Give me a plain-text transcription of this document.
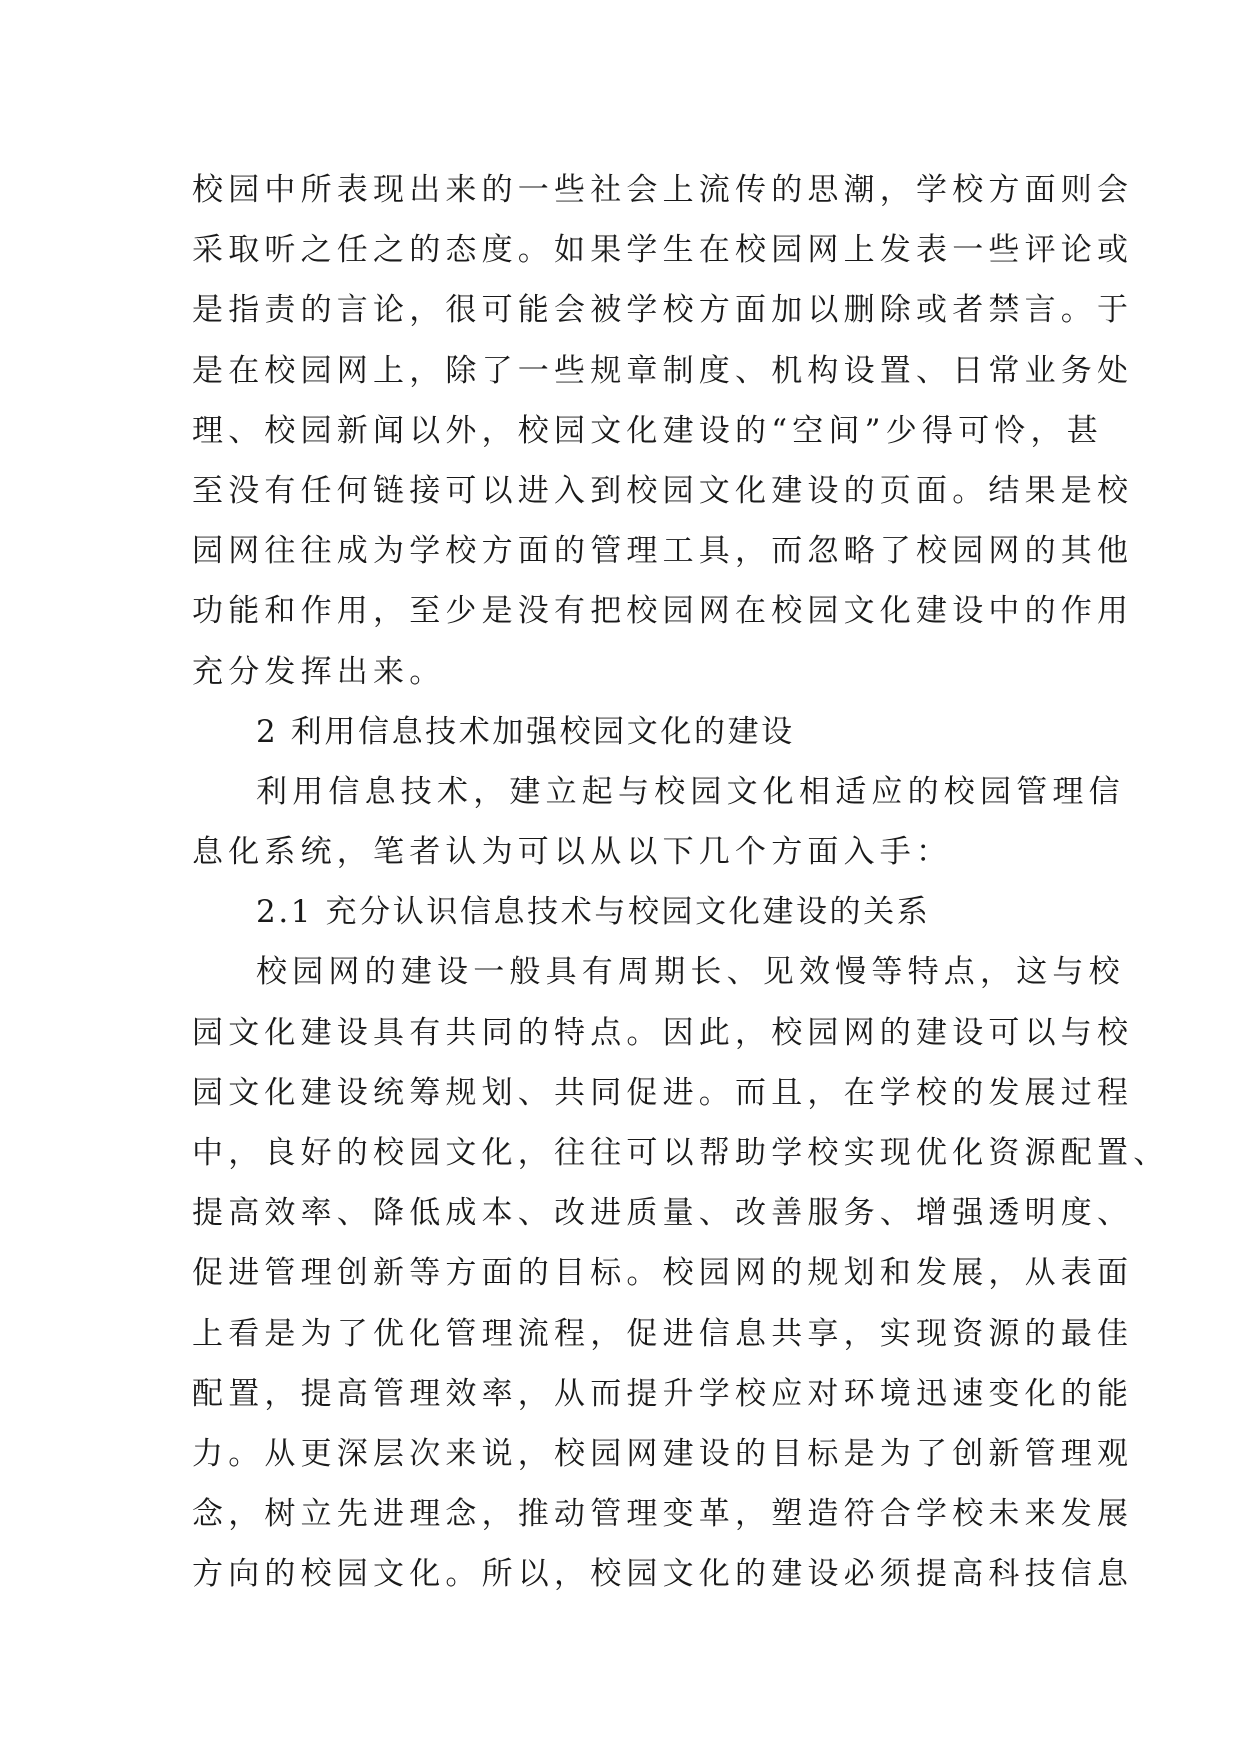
校园中所表现出来的一些社会上流传的思潮，学校方面则会
采取听之任之的态度。如果学生在校园网上发表一些评论或
是指责的言论，很可能会被学校方面加以删除或者禁言。于
是在校园网上，除了一些规章制度、机构设置、日常业务处
理、校园新闻以外，校园文化建设的“空间”少得可怜，甚
至没有任何链接可以进入到校园文化建设的页面。结果是校
园网往往成为学校方面的管理工具，而忽略了校园网的其他
功能和作用，至少是没有把校园网在校园文化建设中的作用
充分发挥出来。
2 利用信息技术加强校园文化的建设
利用信息技术，建立起与校园文化相适应的校园管理信
息化系统，笔者认为可以从以下几个方面入手：
2.1 充分认识信息技术与校园文化建设的关系
校园网的建设一般具有周期长、见效慢等特点，这与校
园文化建设具有共同的特点。因此，校园网的建设可以与校
园文化建设统筹规划、共同促进。而且，在学校的发展过程
中，良好的校园文化，往往可以帮助学校实现优化资源配置、
提高效率、降低成本、改进质量、改善服务、增强透明度、
促进管理创新等方面的目标。校园网的规划和发展，从表面
上看是为了优化管理流程，促进信息共享，实现资源的最佳
配置，提高管理效率，从而提升学校应对环境迅速变化的能
力。从更深层次来说，校园网建设的目标是为了创新管理观
念，树立先进理念，推动管理变革，塑造符合学校未来发展
方向的校园文化。所以，校园文化的建设必须提高科技信息
